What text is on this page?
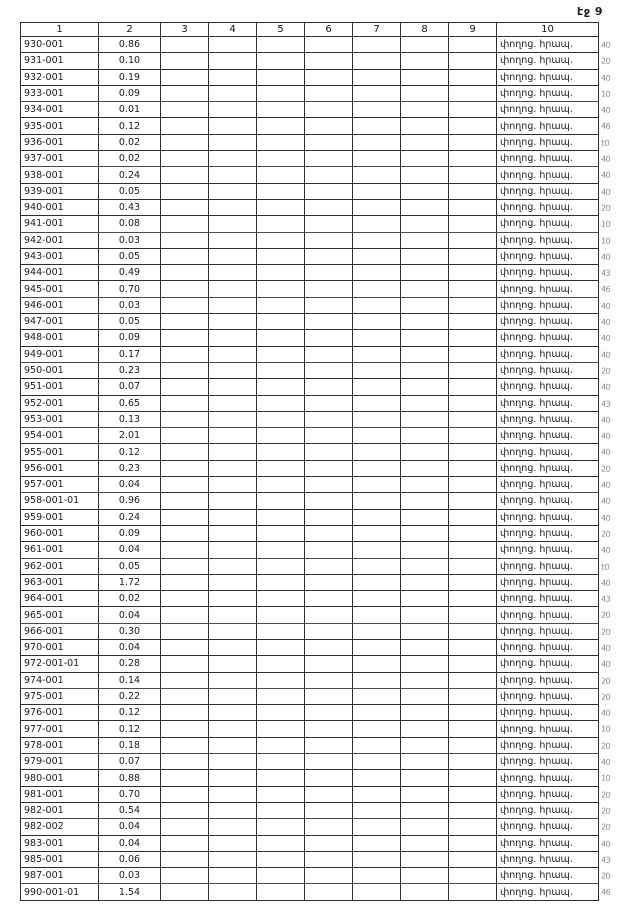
էջ 9
1	2	3	4	5	6	7	8	9	10
930-001	0.86								փողոց. հրապ.
931-001	0.10								փողոց. հրապ.
932-001	0.19								փողոց. հրապ.
933-001	0.09								փողոց. հրապ.
934-001	0.01								փողոց. հրապ.
935-001	0.12								փողոց. հրապ.
936-001	0.02								փողոց. հրապ.
937-001	0.02								փողոց. հրապ.
938-001	0.24								փողոց. հրապ.
939-001	0.05								փողոց. հրապ.
940-001	0.43								փողոց. հրապ.
941-001	0.08								փողոց. հրապ.
942-001	0.03								փողոց. հրապ.
943-001	0.05								փողոց. հրապ.
944-001	0.49								փողոց. հրապ.
945-001	0.70								փողոց. հրապ.
946-001	0.03								փողոց. հրապ.
947-001	0.05								փողոց. հրապ.
948-001	0.09								փողոց. հրապ.
949-001	0.17								փողոց. հրապ.
950-001	0.23								փողոց. հրապ.
951-001	0.07								փողոց. հրապ.
952-001	0.65								փողոց. հրապ.
953-001	0.13								փողոց. հրապ.
954-001	2.01								փողոց. հրապ.
955-001	0.12								փողոց. հրապ.
956-001	0.23								փողոց. հրապ.
957-001	0.04								փողոց. հրապ.
958-001-01	0.96								փողոց. հրապ.
959-001	0.24								փողոց. հրապ.
960-001	0.09								փողոց. հրապ.
961-001	0.04								փողոց. հրապ.
962-001	0.05								փողոց. հրապ.
963-001	1.72								փողոց. հրապ.
964-001	0.02								փողոց. հրապ.
965-001	0.04								փողոց. հրապ.
966-001	0.30								փողոց. հրապ.
970-001	0.04								փողոց. հրապ.
972-001-01	0.28								փողոց. հրապ.
974-001	0.14								փողոց. հրապ.
975-001	0.22								փողոց. հրապ.
976-001	0.12								փողոց. հրապ.
977-001	0.12								փողոց. հրապ.
978-001	0.18								փողոց. հրապ.
979-001	0.07								փողոց. հրապ.
980-001	0.88								փողոց. հրապ.
981-001	0.70								փողոց. հրապ.
982-001	0.54								փողոց. հրապ.
982-002	0.04								փողոց. հրապ.
983-001	0.04								փողոց. հրապ.
985-001	0.06								փողոց. հրապ.
987-001	0.03								փողոց. հրապ.
990-001-01	1.54								փողոց. հրապ.
40
20
40
10
40
46
է0
40
40
40
20
10
10
40
43
46
40
40
40
40
20
40
43
40
40
40
20
40
40
40
20
40
է0
40
43
20
20
40
40
20
20
40
10
20
40
10
20
20
20
40
43
20
46
